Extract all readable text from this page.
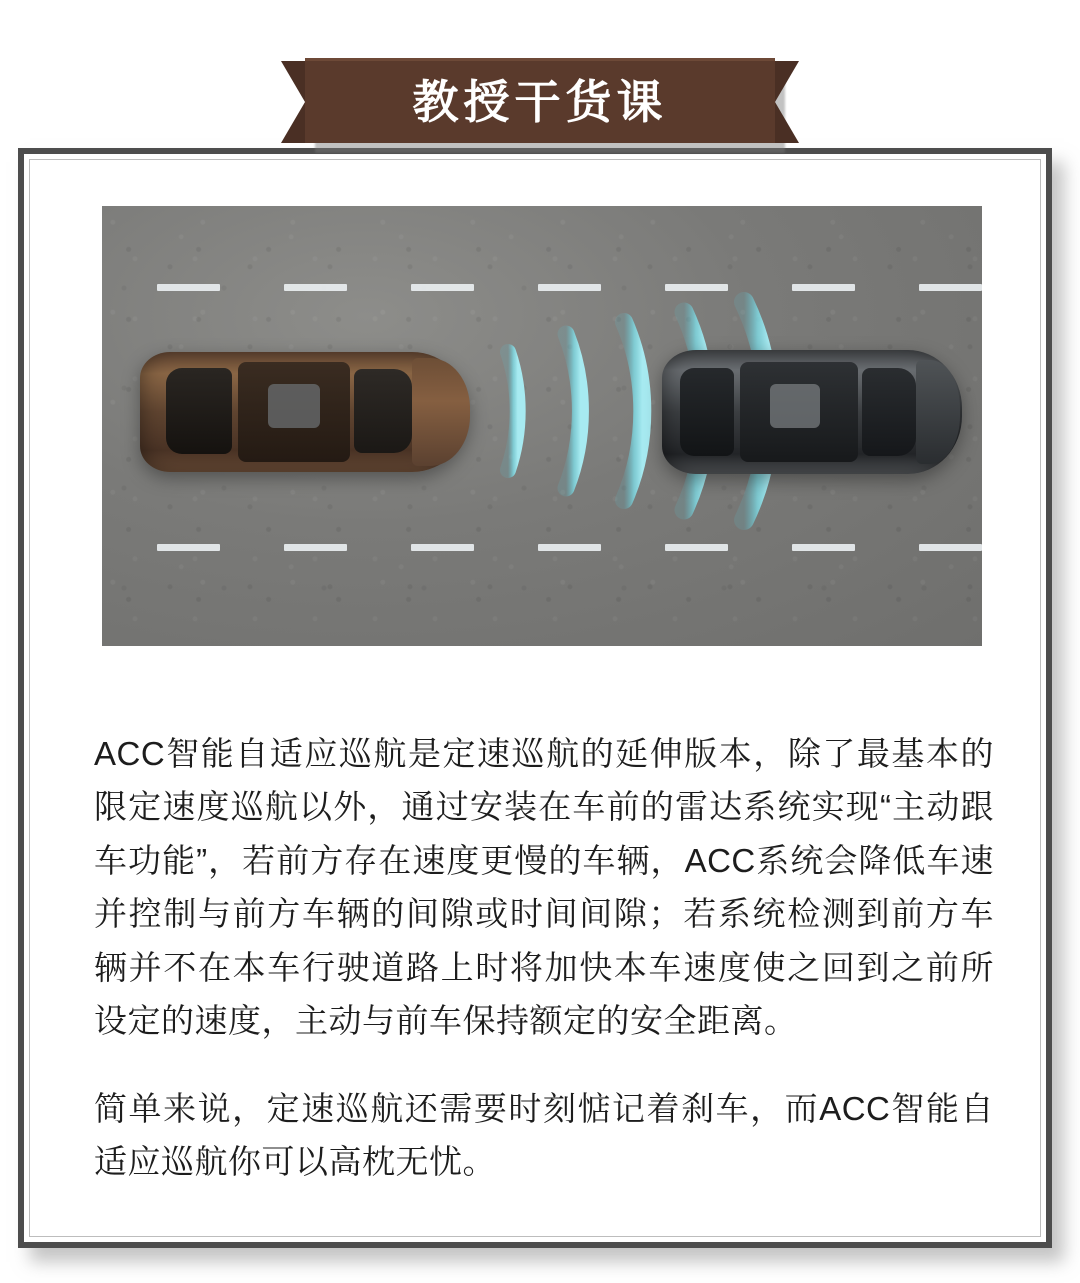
教授干货课

ACC智能自适应巡航是定速巡航的延伸版本，除了最基本的限定速度巡航以外，通过安装在车前的雷达系统实现“主动跟车功能”，若前方存在速度更慢的车辆，ACC系统会降低车速并控制与前方车辆的间隙或时间间隙；若系统检测到前方车辆并不在本车行驶道路上时将加快本车速度使之回到之前所设定的速度，主动与前车保持额定的安全距离。

简单来说，定速巡航还需要时刻惦记着刹车，而ACC智能自适应巡航你可以高枕无忧。
